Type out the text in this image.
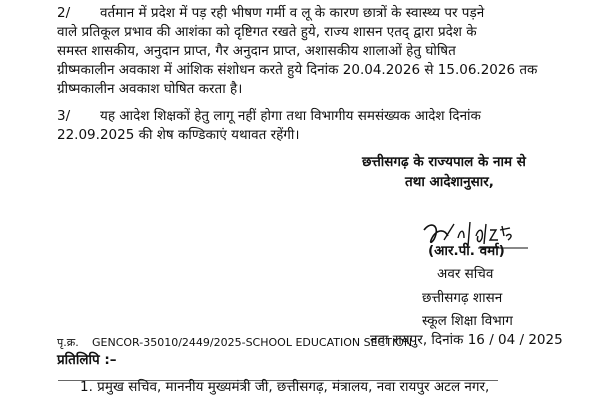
2/ वर्तमान में प्रदेश में पड़ रही भीषण गर्मी व लू के कारण छात्रों के स्वास्थ्य पर पड़ने
वाले प्रतिकूल प्रभाव की आशंका को दृष्टिगत रखते हुये, राज्य शासन एतद् द्वारा प्रदेश के
समस्त शासकीय, अनुदान प्राप्त, गैर अनुदान प्राप्त, अशासकीय शालाओं हेतु घोषित
ग्रीष्मकालीन अवकाश में आंशिक संशोधन करते हुये दिनांक 20.04.2026 से 15.06.2026 तक
ग्रीष्मकालीन अवकाश घोषित करता है।
3/ यह आदेश शिक्षकों हेतु लागू नहीं होगा तथा विभागीय समसंख्यक आदेश दिनांक
22.09.2025 की शेष कण्डिकाएं यथावत रहेंगी।
छत्तीसगढ़ के राज्यपाल के नाम से
तथा आदेशानुसार,
(आर.पी. वर्मा)
अवर सचिव
छत्तीसगढ़ शासन
स्कूल शिक्षा विभाग
पृ.क्र. GENCOR-35010/2449/2025-SCHOOL EDUCATION SECTION
नवा रायपुर, दिनांक 16 / 04 / 2025
प्रतिलिपि :–
1. प्रमुख सचिव, माननीय मुख्यमंत्री जी, छत्तीसगढ़, मंत्रालय, नवा रायपुर अटल नगर,
